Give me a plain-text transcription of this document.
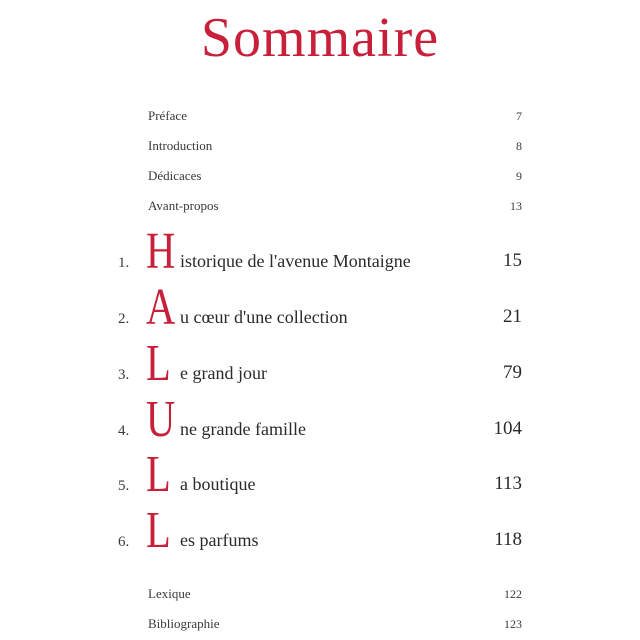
Sommaire
Préface	7
Introduction	8
Dédicaces	9
Avant-propos	13
1. H istorique de l'avenue Montaigne	15
2. A u cœur d'une collection	21
3. L e grand jour	79
4. U ne grande famille	104
5. L a boutique	113
6. L es parfums	118
Lexique	122
Bibliographie	123
